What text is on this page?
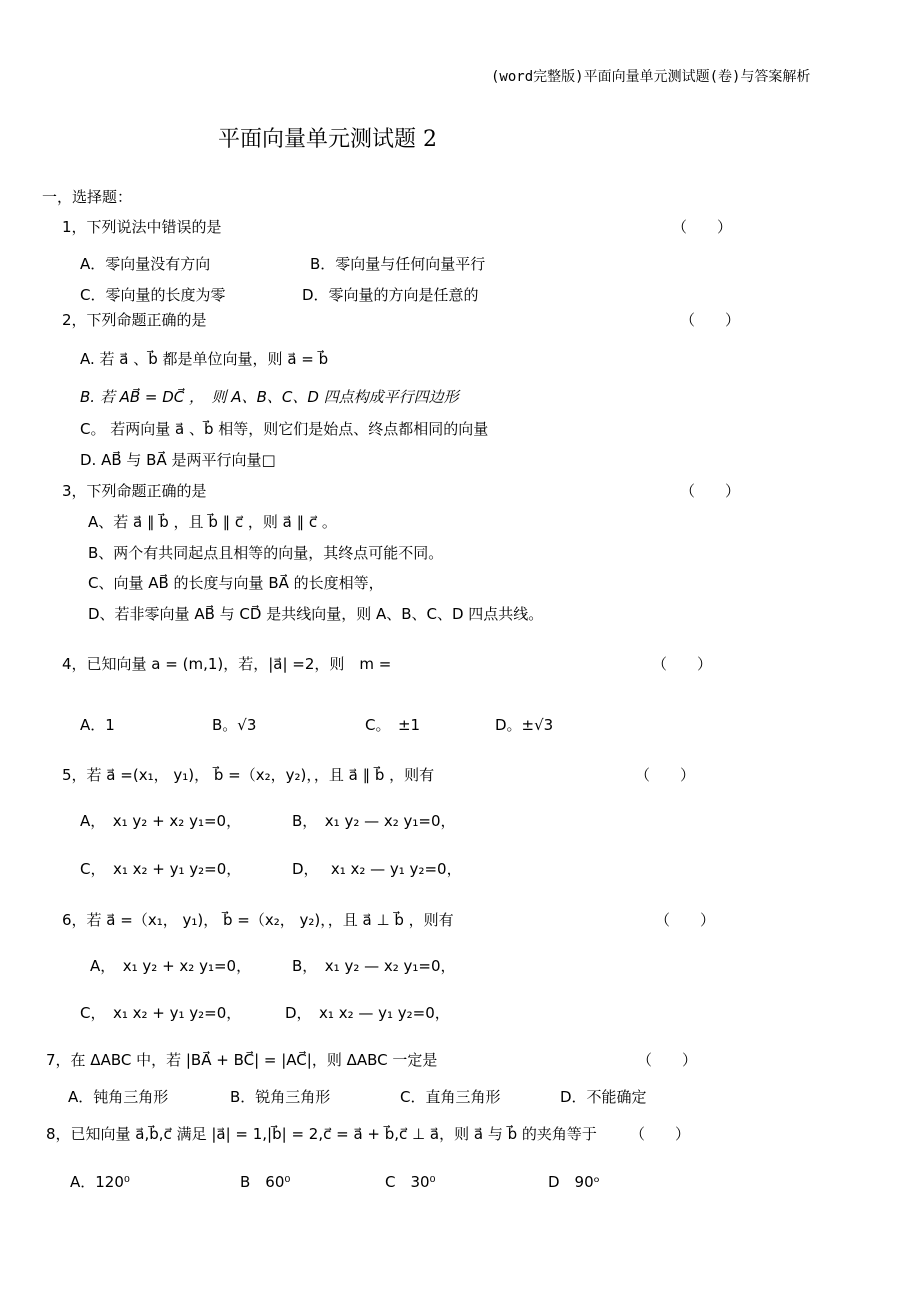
(word完整版)平面向量单元测试题(卷)与答案解析
平面向量单元测试题 2
一，选择题：
1，下列说法中错误的是	（　　）
A．零向量没有方向	B．零向量与任何向量平行
C．零向量的长度为零	D．零向量的方向是任意的
2，下列命题正确的是	（　　）
A. 若 a⃗ 、b⃗ 都是单位向量，则 a⃗ = b⃗
B. 若 AB⃗ = DC⃗ ，　则 A、B、C、D 四点构成平行四边形
C。 若两向量 a⃗ 、b⃗ 相等，则它们是始点、终点都相同的向量
D. AB⃗ 与 BA⃗ 是两平行向量□
3，下列命题正确的是	（　　）
A、若 a⃗ ∥ b⃗ ，且 b⃗ ∥ c⃗ ，则 a⃗ ∥ c⃗ 。
B、两个有共同起点且相等的向量，其终点可能不同。
C、向量 AB⃗ 的长度与向量 BA⃗ 的长度相等，
D、若非零向量 AB⃗ 与 CD⃗ 是共线向量，则 A、B、C、D 四点共线。
4，已知向量 a = (m,1)，若，|a⃗| =2，则　m =	（　　）
A．1	B。√3	C。　±1	D。±√3
5，若 a⃗ =(x₁， y₁)， b⃗ =（x₂，y₂)，，且 a⃗ ∥ b⃗ ，则有	（　　）
A，　x₁ y₂ + x₂ y₁=0，	B，　x₁ y₂ — x₂ y₁=0，
C，　x₁ x₂ + y₁ y₂=0，	D，　 x₁ x₂ — y₁ y₂=0，
6，若 a⃗ =（x₁， y₁)， b⃗ =（x₂， y₂)，，且 a⃗ ⊥ b⃗ ，则有	（　　）
A，　x₁ y₂ + x₂ y₁=0，	B，　x₁ y₂ — x₂ y₁=0，
C，　x₁ x₂ + y₁ y₂=0，	D，　x₁ x₂ — y₁ y₂=0，
7，在 ΔABC 中，若 |BA⃗ + BC⃗| = |AC⃗|，则 ΔABC 一定是	（　　）
A．钝角三角形	B．锐角三角形	C．直角三角形	D．不能确定
8，已知向量 a⃗,b⃗,c⃗ 满足 |a⃗| = 1,|b⃗| = 2,c⃗ = a⃗ + b⃗,c⃗ ⊥ a⃗，则 a⃗ 与 b⃗ 的夹角等于 （　　）
A．120⁰	B　60⁰	C　30⁰	D　90ᵒ
